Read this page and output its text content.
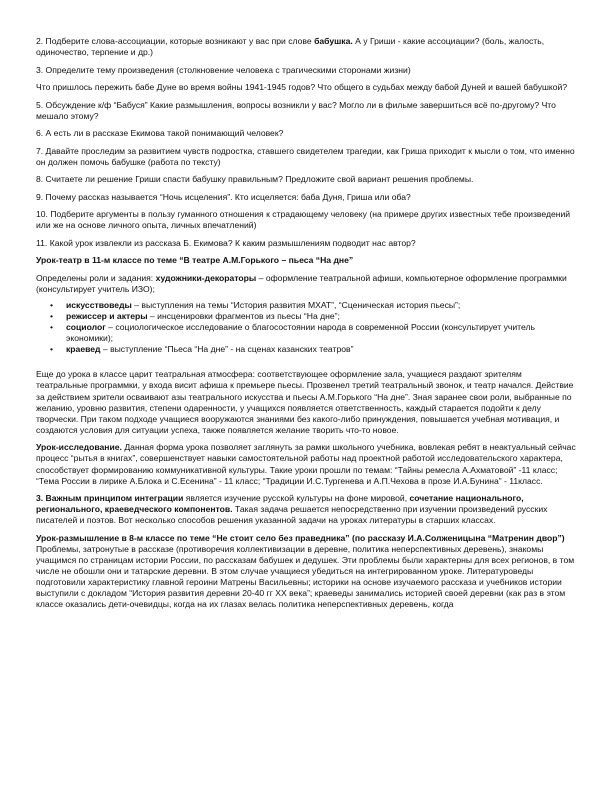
2. Подберите слова-ассоциации, которые возникают у вас при слове бабушка. А у Гриши - какие ассоциации? (боль, жалость, одиночество, терпение и др.)

3. Определите тему произведения (столкновение человека с трагическими сторонами жизни)

Что пришлось пережить бабе Дуне во время войны 1941-1945 годов? Что общего в судьбах между бабой Дуней и вашей бабушкой?

5. Обсуждение к/ф “Бабуся” Какие размышления, вопросы возникли у вас? Могло ли в фильме завершиться всё по-другому? Что мешало этому?

6. А есть ли в рассказе Екимова такой понимающий человек?

7. Давайте проследим за развитием чувств подростка, ставшего свидетелем трагедии, как Гриша приходит к мысли о том, что именно он должен помочь бабушке (работа по тексту)

8. Считаете ли решение Гриши спасти бабушку правильным? Предложите свой вариант решения проблемы.

9. Почему рассказ называется “Ночь исцеления”. Кто исцеляется: баба Дуня, Гриша или оба?

10. Подберите аргументы в пользу гуманного отношения к страдающему человеку (на примере других известных тебе произведений или же на основе личного опыта, личных впечатлений)

11. Какой урок извлекли из рассказа Б. Екимова? К каким размышлениям подводит нас автор?

Урок-театр в 11-м классе по теме “В театре А.М.Горького – пьеса “На дне”

Определены роли и задания: художники-декораторы – оформление театральной афиши, компьютерное оформление программки (консультирует учитель ИЗО);

• искусствоведы – выступления на темы “История развития МХАТ”, “Сценическая история пьесы”;
• режиссер и актеры – инсценировки фрагментов из пьесы “На дне”;
• социолог – социологическое исследование о благосостоянии народа в современной России (консультирует учитель экономики);
• краевед – выступление “Пьеса “На дне” - на сценах казанских театров”

Еще до урока в классе царит театральная атмосфера: соответствующее оформление зала, учащиеся раздают зрителям театральные программки, у входа висит афиша к премьере пьесы. Прозвенел третий театральный звонок, и театр начался. Действие за действием зрители осваивают азы театрального искусства и пьесы А.М.Горького “На дне”. Зная заранее свои роли, выбранные по желанию, уровню развития, степени одаренности, у учащихся появляется ответственность, каждый старается подойти к делу творчески. При таком подходе учащиеся вооружаются знаниями без какого-либо принуждения, повышается учебная мотивация, и создаются условия для ситуации успеха, также появляется желание творить что-то новое.

Урок-исследование. Данная форма урока позволяет заглянуть за рамки школьного учебника, вовлекая ребят в неактуальный сейчас процесс “рытья в книгах”, совершенствует навыки самостоятельной работы над проектной работой исследовательского характера, способствует формированию коммуникативной культуры. Такие уроки прошли по темам: “Тайны ремесла А.Ахматовой” -11 класс; “Тема России в лирике А.Блока и С.Есенина” - 11 класс; “Традиции И.С.Тургенева и А.П.Чехова в прозе И.А.Бунина” - 11класс.

3. Важным принципом интеграции является изучение русской культуры на фоне мировой, сочетание национального, регионального, краеведческого компонентов. Такая задача решается непосредственно при изучении произведений русских писателей и поэтов. Вот несколько способов решения указанной задачи на уроках литературы в старших классах.

Урок-размышление в 8-м классе по теме “Не стоит село без праведника” (по рассказу И.А.Солженицына “Матренин двор”) Проблемы, затронутые в рассказе (противоречия коллективизации в деревне, политика неперспективных деревень), знакомы учащимся по страницам истории России, по рассказам бабушек и дедушек. Эти проблемы были характерны для всех регионов, в том числе не обошли они и татарские деревни. В этом случае учащиеся убедиться на интегрированном уроке. Литературоведы подготовили характеристику главной героини Матрены Васильевны; историки на основе изучаемого рассказа и учебников истории выступили с докладом “История развития деревни 20-40 гг ХХ века”; краеведы занимались историей своей деревни (как раз в этом классе оказались дети-очевидцы, когда на их глазах велась политика неперспективных деревень, когда
